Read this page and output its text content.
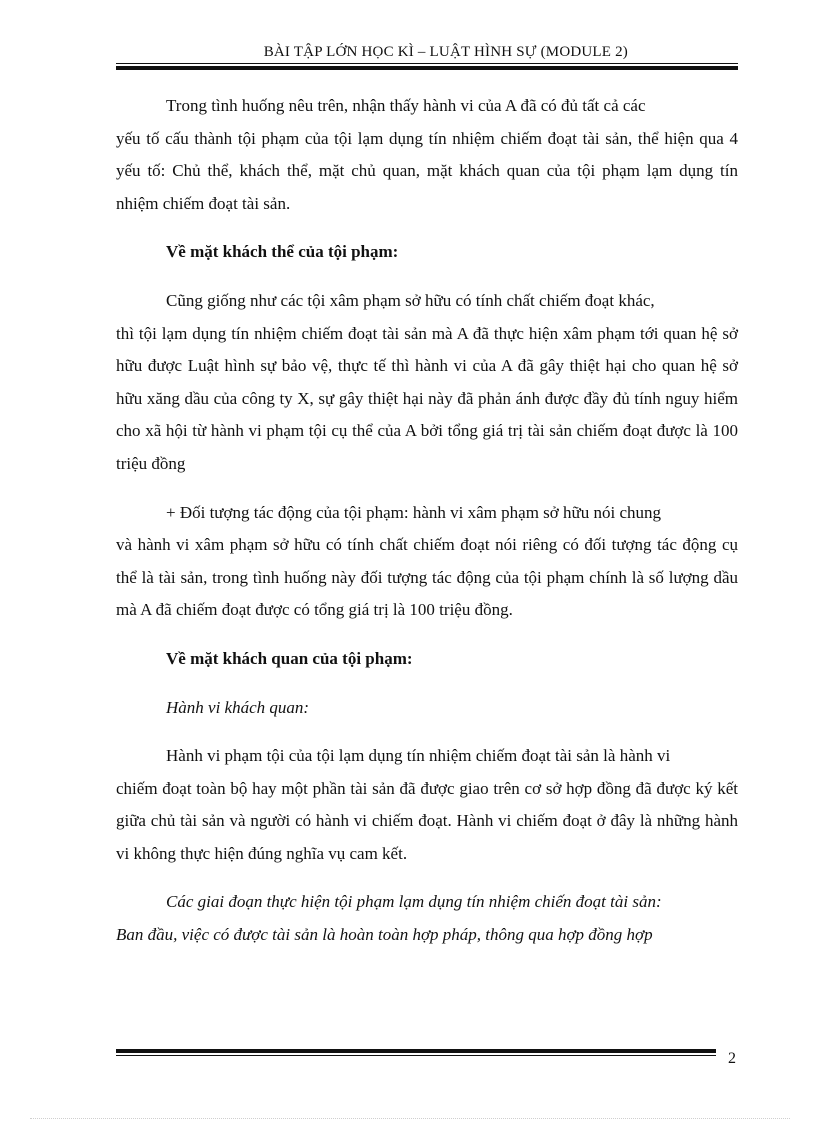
BÀI TẬP LỚN HỌC KÌ – LUẬT HÌNH SỰ (MODULE 2)

Trong tình huống nêu trên, nhận thấy hành vi của A đã có đủ tất cả các

yếu tố cấu thành tội phạm của tội lạm dụng tín nhiệm chiếm đoạt tài sản, thể hiện qua 4 yếu tố: Chủ thể, khách thể, mặt chủ quan, mặt khách quan của tội phạm lạm dụng tín nhiệm chiếm đoạt tài sản.

Về mặt khách thể của tội phạm:

Cũng giống như các tội xâm phạm sở hữu có tính chất chiếm đoạt khác,

thì tội lạm dụng tín nhiệm chiếm đoạt tài sản mà A đã thực hiện xâm phạm tới quan hệ sở hữu được Luật hình sự bảo vệ, thực tế thì hành vi của A đã gây thiệt hại cho quan hệ sở hữu xăng dầu của công ty X, sự gây thiệt hại này đã phản ánh được đầy đủ tính nguy hiểm cho xã hội từ hành vi phạm tội cụ thể của A bởi tổng giá trị tài sản chiếm đoạt được là 100 triệu đồng

+ Đối tượng tác động của tội phạm: hành vi xâm phạm sở hữu nói chung

và hành vi xâm phạm sở hữu có tính chất chiếm đoạt nói riêng có đối tượng tác động cụ thể là tài sản, trong tình huống này đối tượng tác động của tội phạm chính là số lượng dầu mà A đã chiếm đoạt được có tổng giá trị là 100 triệu đồng.

Về mặt khách quan của tội phạm:

Hành vi khách quan:

Hành vi phạm tội của tội lạm dụng tín nhiệm chiếm đoạt tài sản là hành vi

chiếm đoạt toàn bộ hay một phần tài sản đã được giao trên cơ sở hợp đồng đã được ký kết giữa chủ tài sản và người có hành vi chiếm đoạt. Hành vi chiếm đoạt ở đây là những hành vi không thực hiện đúng nghĩa vụ cam kết.

Các giai đoạn thực hiện tội phạm lạm dụng tín nhiệm chiến đoạt tài sản:

Ban đầu, việc có được tài sản là hoàn toàn hợp pháp, thông qua hợp đồng hợp

2
